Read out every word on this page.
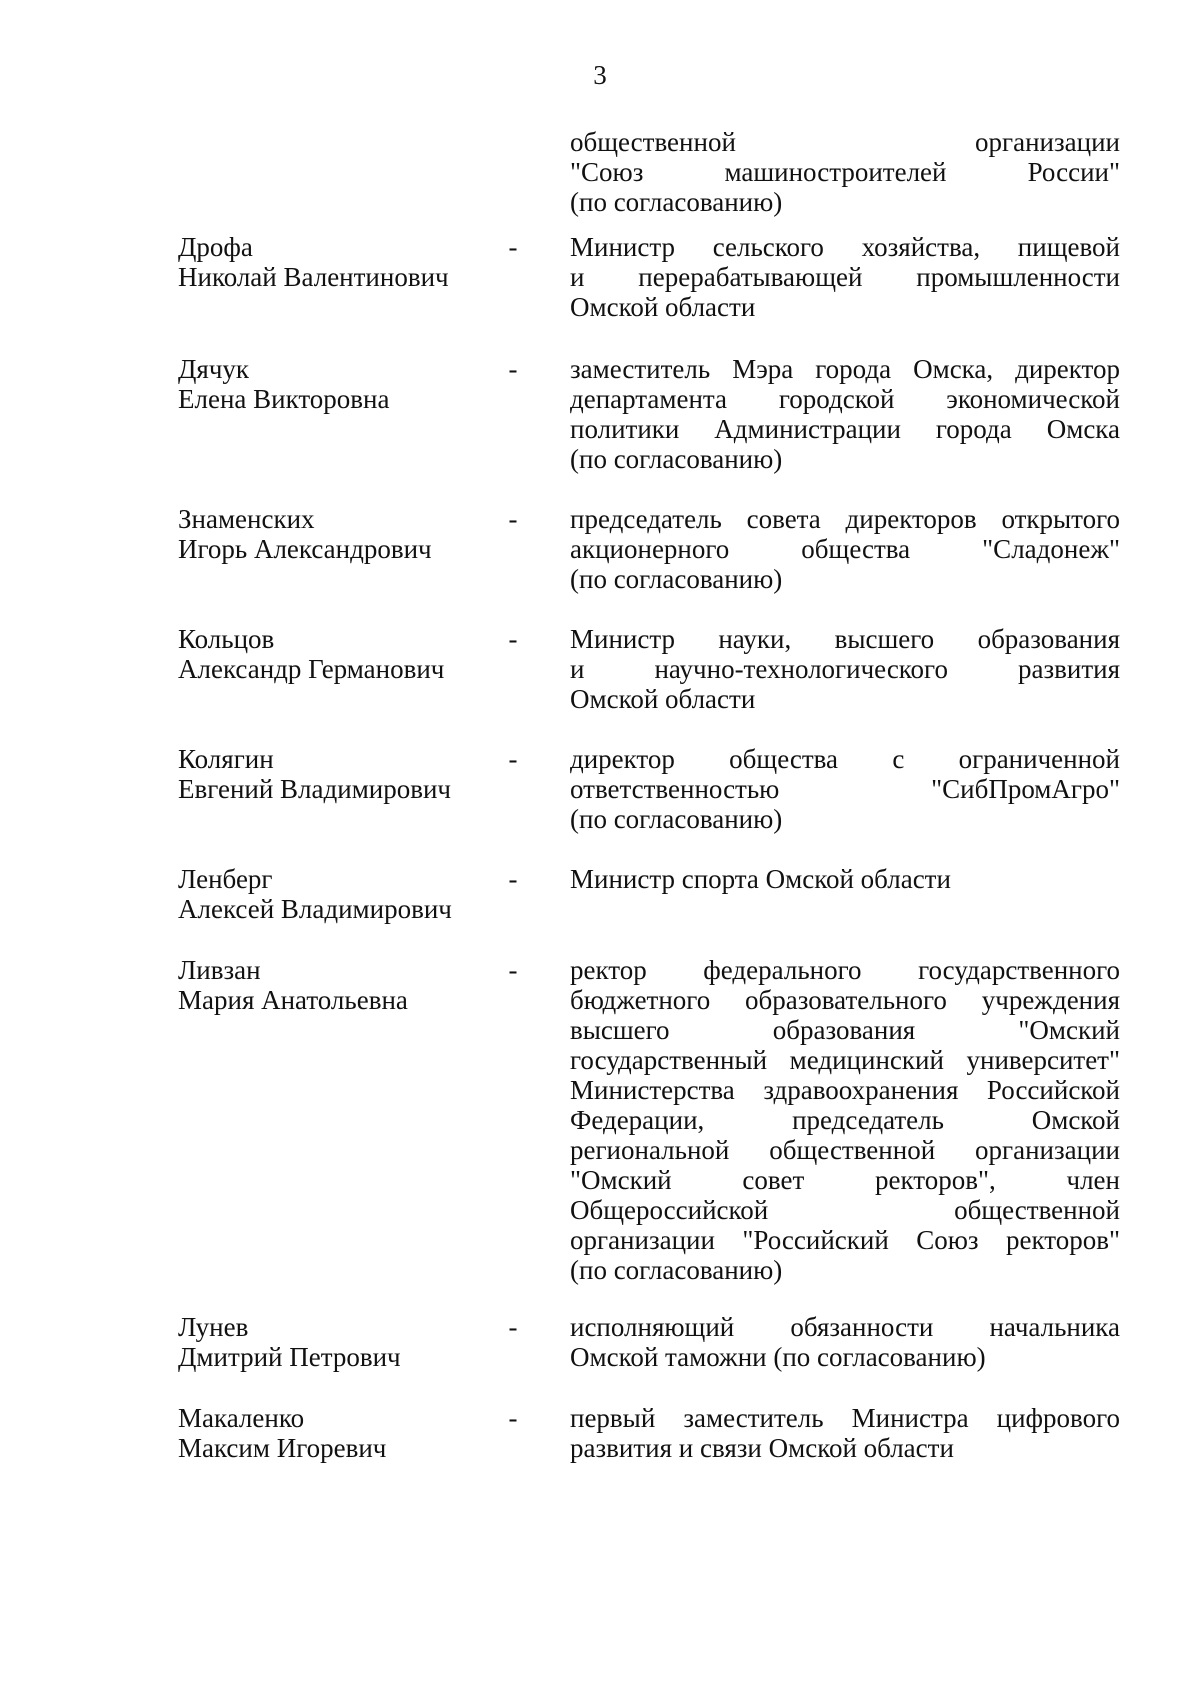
3
общественной организации
"Союз машиностроителей России"
(по согласованию)
Дрофа
Николай Валентинович
- Министр сельского хозяйства, пищевой
и перерабатывающей промышленности
Омской области
Дячук
Елена Викторовна
- заместитель Мэра города Омска, директор
департамента городской экономической
политики Администрации города Омска
(по согласованию)
Знаменских
Игорь Александрович
- председатель совета директоров открытого
акционерного общества "Сладонеж"
(по согласованию)
Кольцов
Александр Германович
- Министр науки, высшего образования
и научно-технологического развития
Омской области
Колягин
Евгений Владимирович
- директор общества с ограниченной
ответственностью "СибПромАгро"
(по согласованию)
Ленберг
Алексей Владимирович
- Министр спорта Омской области
Ливзан
Мария Анатольевна
- ректор федерального государственного
бюджетного образовательного учреждения
высшего образования "Омский
государственный медицинский университет"
Министерства здравоохранения Российской
Федерации, председатель Омской
региональной общественной организации
"Омский совет ректоров", член
Общероссийской общественной
организации "Российский Союз ректоров"
(по согласованию)
Лунев
Дмитрий Петрович
- исполняющий обязанности начальника
Омской таможни (по согласованию)
Макаленко
Максим Игоревич
- первый заместитель Министра цифрового
развития и связи Омской области
